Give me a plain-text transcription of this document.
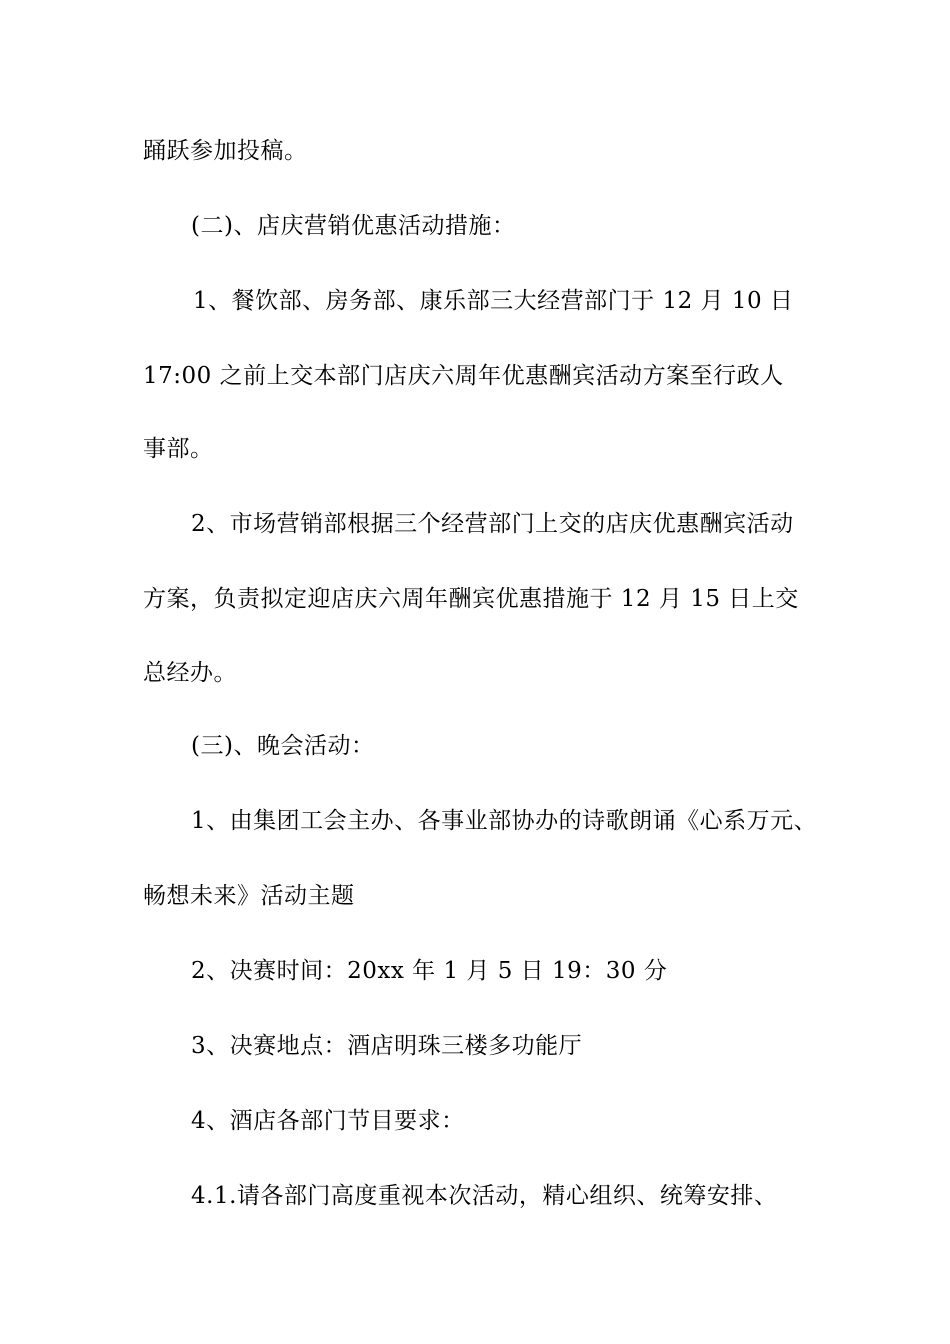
踊跃参加投稿。
(二)、店庆营销优惠活动措施：
1、餐饮部、房务部、康乐部三大经营部门于 12 月 10 日
17:00 之前上交本部门店庆六周年优惠酬宾活动方案至行政人
事部。
2、市场营销部根据三个经营部门上交的店庆优惠酬宾活动
方案，负责拟定迎店庆六周年酬宾优惠措施于 12 月 15 日上交
总经办。
(三)、晚会活动：
1、由集团工会主办、各事业部协办的诗歌朗诵《心系万元、
畅想未来》活动主题
2、决赛时间：20xx 年 1 月 5 日 19：30 分
3、决赛地点：酒店明珠三楼多功能厅
4、酒店各部门节目要求：
4.1.请各部门高度重视本次活动，精心组织、统筹安排、
